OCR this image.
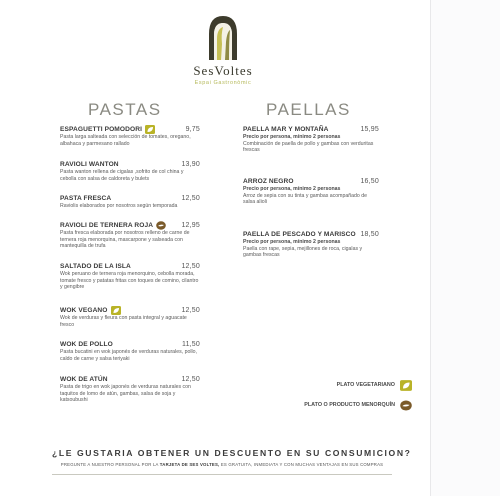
SesVoltes
Espai Gastronòmic
PASTAS	PAELLAS
ESPAGUETTI POMODORI	9,75
Pasta larga salteada con selección de tomates, oregano, albahaca y parmesano rallado
RAVIOLI WANTON	13,90
Pasta wanton rellena de cigalas ,sofrito de col china y cebolla con salsa de caldoreta y bulets
PASTA FRESCA	12,50
Raviolis elaborados por nosotros según temporada
RAVIOLI DE TERNERA ROJA	12,95
Pasta fresca elaborada por nosotros relleno de carne de ternera roja menorquina, mascarpone y salseada con mantequilla de trufa
SALTADO DE LA ISLA	12,50
Wok peruano de ternera roja menorquino, cebolla morada, tomate fresco y patatas fritas con toques de comino, cilantro y gengibre
WOK VEGANO	12,50
Wok de verduras y fleura con pasta integral y aguacate fresco
WOK DE POLLO	11,50
Pasta bucatini en wok japonés de verduras naturales, pollo, caldo de carne y salsa teriyaki
WOK DE ATÚN	12,50
Pasta de trigo en wok japonés de verduras naturales con taquitos de lomo de atún, gambas, salsa de soja y katsoubushi
PAELLA MAR Y MONTAÑA	15,95
Precio por persona, mínimo 2 personas
Combinación de paella de pollo y gambas con verduritas frescas
ARROZ NEGRO	16,50
Precio por persona, mínimo 2 personas
Arroz de sepia con su tinta y gambas acompañado de salsa alioli
PAELLA DE PESCADO Y MARISCO 18,50
Precio por persona, mínimo 2 personas
Paella con rape, sepia, mejillones de roca, cigalas y gambas frescas
PLATO VEGETARIANO
PLATO O PRODUCTO MENORQUÍN
¿LE GUSTARIA OBTENER UN DESCUENTO EN SU CONSUMICION?
PREGUNTE A NUESTRO PERSONAL POR LA TARJETA DE SES VOLTES, ES GRATUITA, INMEDIATA Y CON MUCHAS VENTAJAS EN SUS COMPRAS
